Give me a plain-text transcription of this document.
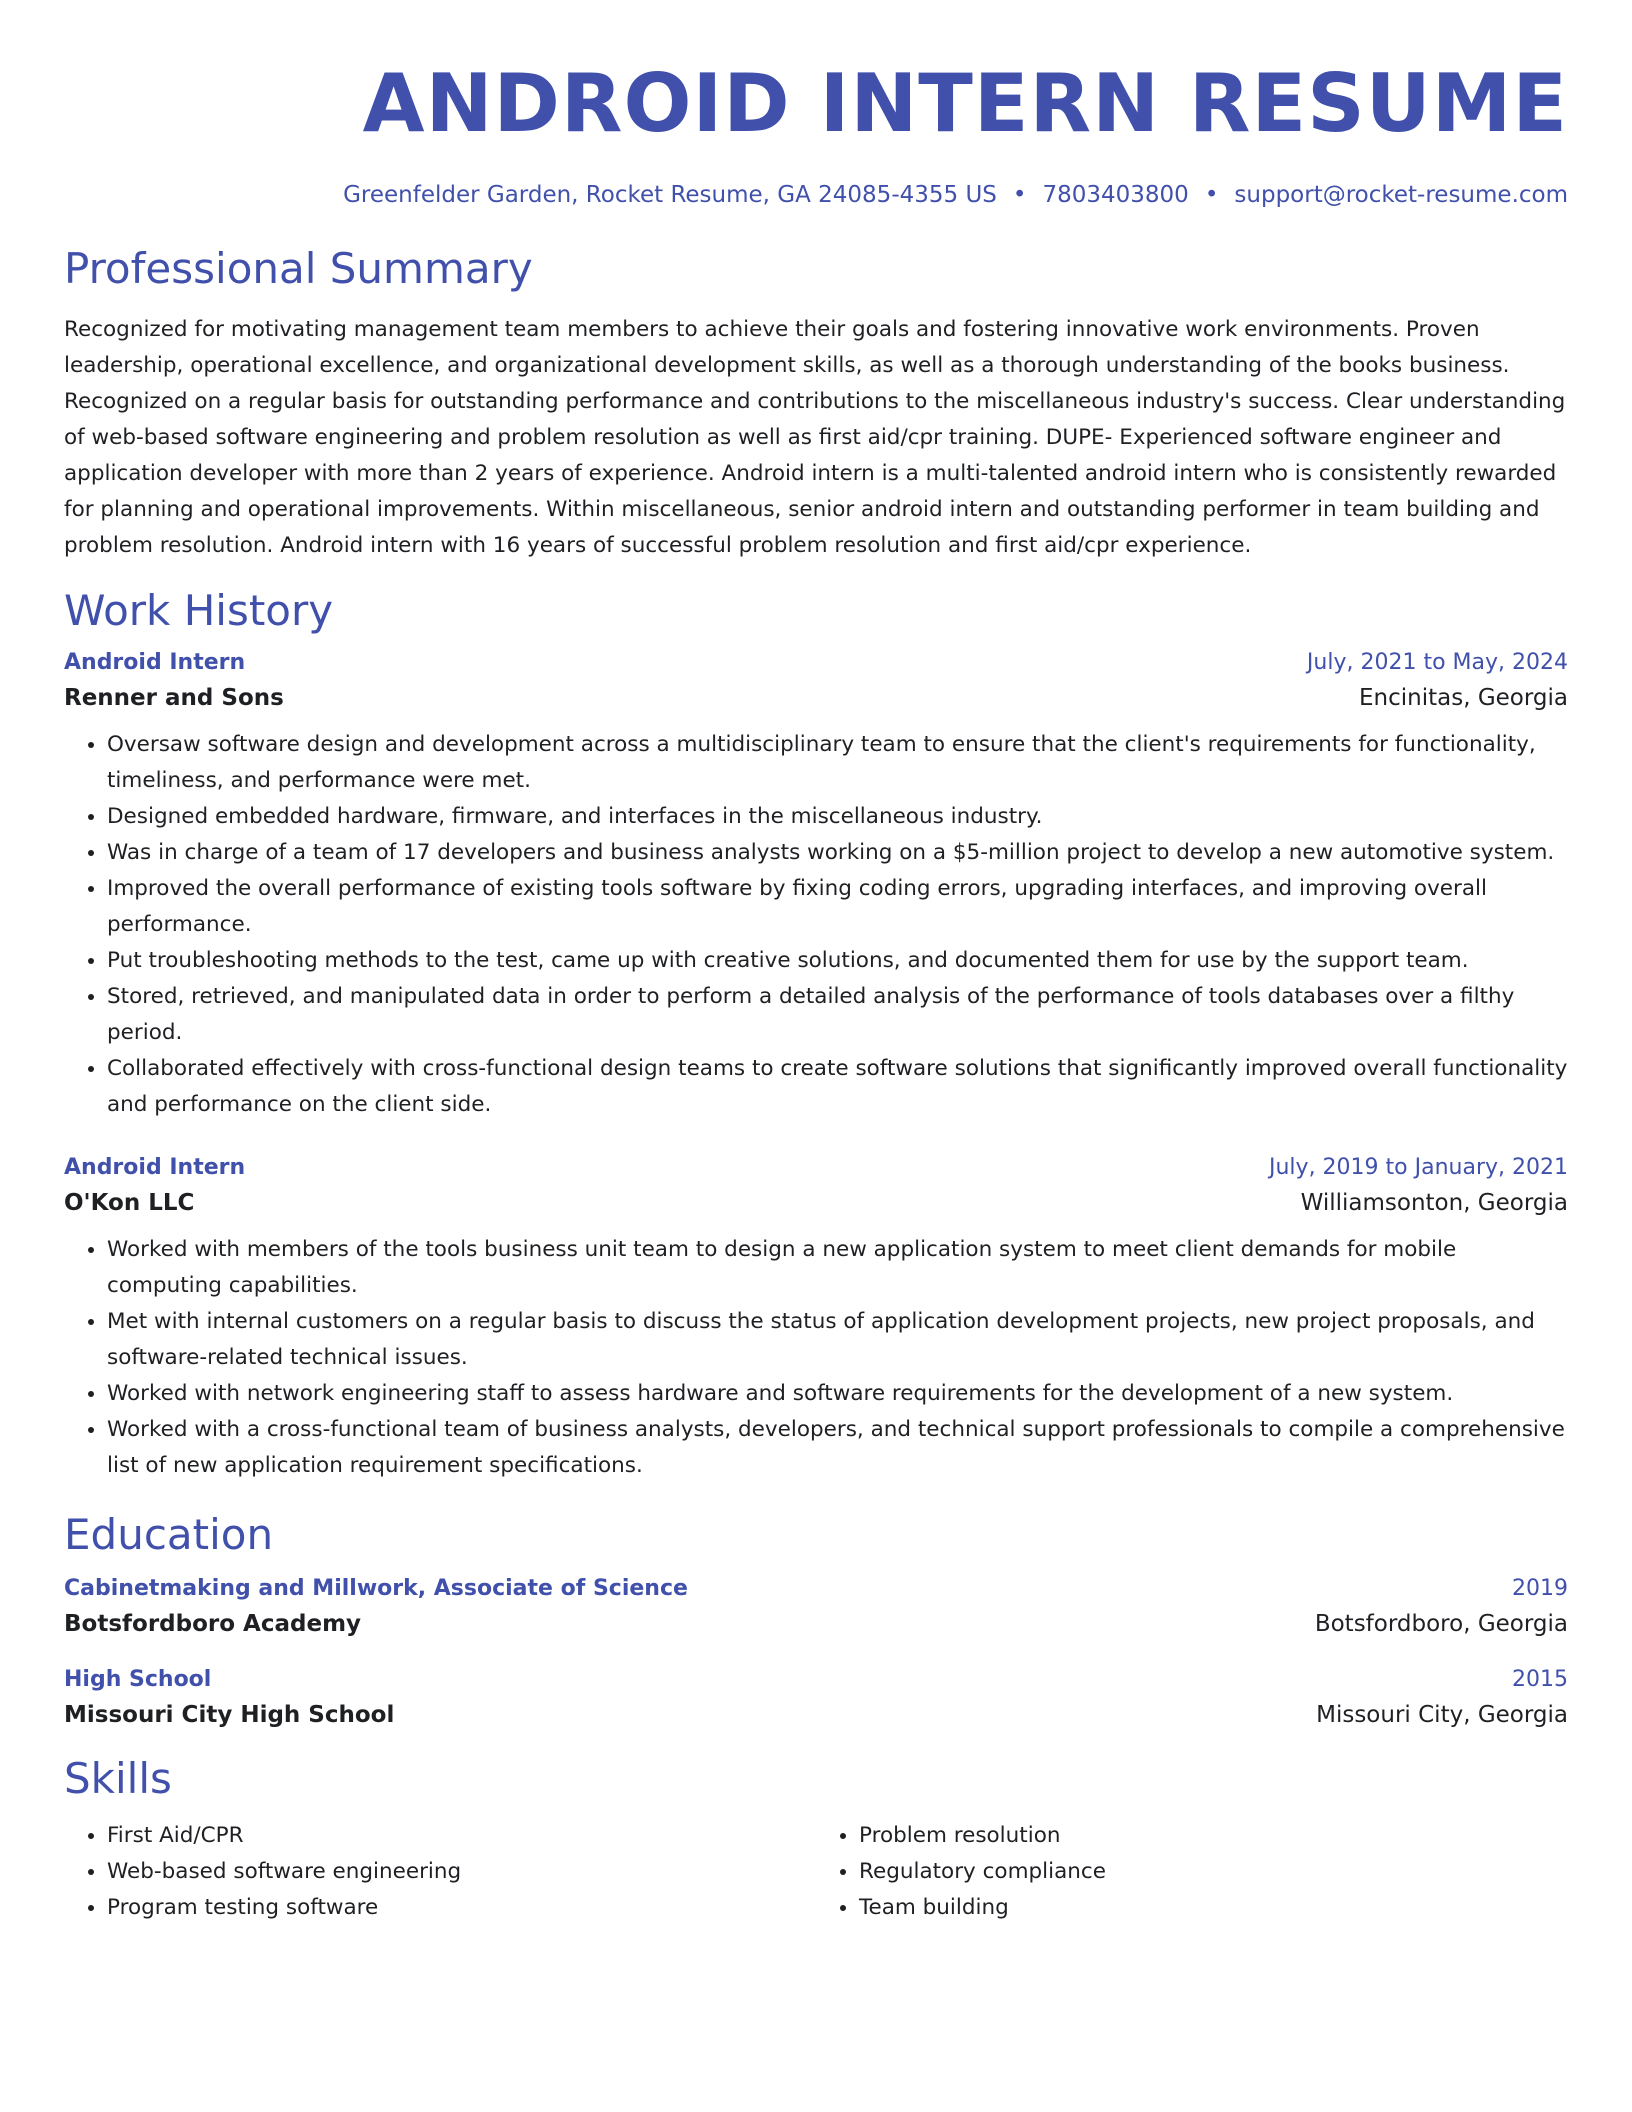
ANDROID INTERN RESUME
Greenfelder Garden, Rocket Resume, GA 24085-4355 US • 7803403800 • support@rocket-resume.com
Professional Summary
Recognized for motivating management team members to achieve their goals and fostering innovative work environments. Proven leadership, operational excellence, and organizational development skills, as well as a thorough understanding of the books business. Recognized on a regular basis for outstanding performance and contributions to the miscellaneous industry's success. Clear understanding of web-based software engineering and problem resolution as well as first aid/cpr training. DUPE- Experienced software engineer and application developer with more than 2 years of experience. Android intern is a multi-talented android intern who is consistently rewarded for planning and operational improvements. Within miscellaneous, senior android intern and outstanding performer in team building and problem resolution. Android intern with 16 years of successful problem resolution and first aid/cpr experience.
Work History
Android Intern	July, 2021 to May, 2024
Renner and Sons	Encinitas, Georgia
• Oversaw software design and development across a multidisciplinary team to ensure that the client's requirements for functionality, timeliness, and performance were met.
• Designed embedded hardware, firmware, and interfaces in the miscellaneous industry.
• Was in charge of a team of 17 developers and business analysts working on a $5-million project to develop a new automotive system.
• Improved the overall performance of existing tools software by fixing coding errors, upgrading interfaces, and improving overall performance.
• Put troubleshooting methods to the test, came up with creative solutions, and documented them for use by the support team.
• Stored, retrieved, and manipulated data in order to perform a detailed analysis of the performance of tools databases over a filthy period.
• Collaborated effectively with cross-functional design teams to create software solutions that significantly improved overall functionality and performance on the client side.
Android Intern	July, 2019 to January, 2021
O'Kon LLC	Williamsonton, Georgia
• Worked with members of the tools business unit team to design a new application system to meet client demands for mobile computing capabilities.
• Met with internal customers on a regular basis to discuss the status of application development projects, new project proposals, and software-related technical issues.
• Worked with network engineering staff to assess hardware and software requirements for the development of a new system.
• Worked with a cross-functional team of business analysts, developers, and technical support professionals to compile a comprehensive list of new application requirement specifications.
Education
Cabinetmaking and Millwork, Associate of Science	2019
Botsfordboro Academy	Botsfordboro, Georgia
High School	2015
Missouri City High School	Missouri City, Georgia
Skills
• First Aid/CPR
• Web-based software engineering
• Program testing software
• Problem resolution
• Regulatory compliance
• Team building
